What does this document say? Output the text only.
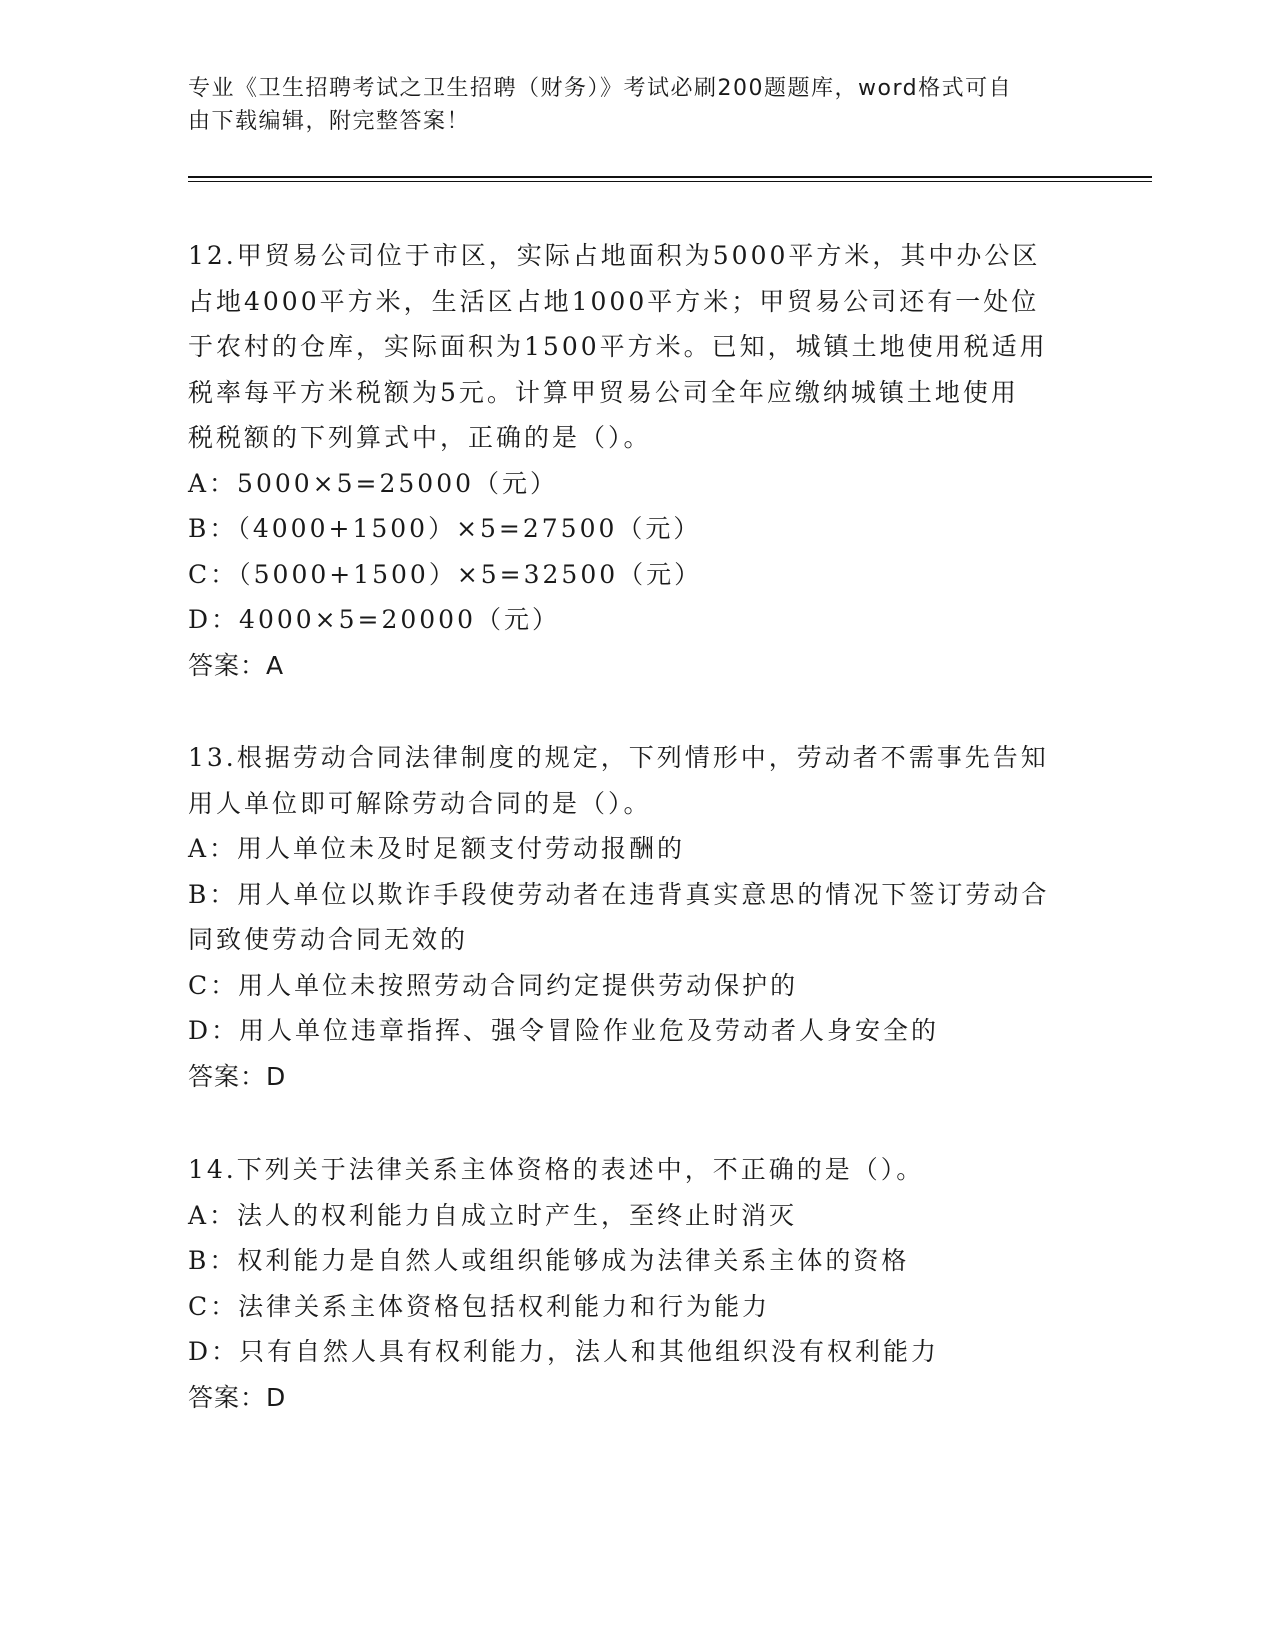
专业《卫生招聘考试之卫生招聘（财务）》考试必刷200题题库，word格式可自
由下载编辑，附完整答案！

12.甲贸易公司位于市区，实际占地面积为5000平方米，其中办公区

占地4000平方米，生活区占地1000平方米；甲贸易公司还有一处位

于农村的仓库，实际面积为1500平方米。已知，城镇土地使用税适用

税率每平方米税额为5元。计算甲贸易公司全年应缴纳城镇土地使用

税税额的下列算式中，正确的是（）。

A：5000×5=25000（元）

B：（4000+1500）×5=27500（元）

C：（5000+1500）×5=32500（元）

D：4000×5=20000（元）

答案：A

13.根据劳动合同法律制度的规定，下列情形中，劳动者不需事先告知

用人单位即可解除劳动合同的是（）。

A：用人单位未及时足额支付劳动报酬的

B：用人单位以欺诈手段使劳动者在违背真实意思的情况下签订劳动合

同致使劳动合同无效的

C：用人单位未按照劳动合同约定提供劳动保护的

D：用人单位违章指挥、强令冒险作业危及劳动者人身安全的

答案：D

14.下列关于法律关系主体资格的表述中，不正确的是（）。

A：法人的权利能力自成立时产生，至终止时消灭

B：权利能力是自然人或组织能够成为法律关系主体的资格

C：法律关系主体资格包括权利能力和行为能力

D：只有自然人具有权利能力，法人和其他组织没有权利能力

答案：D
